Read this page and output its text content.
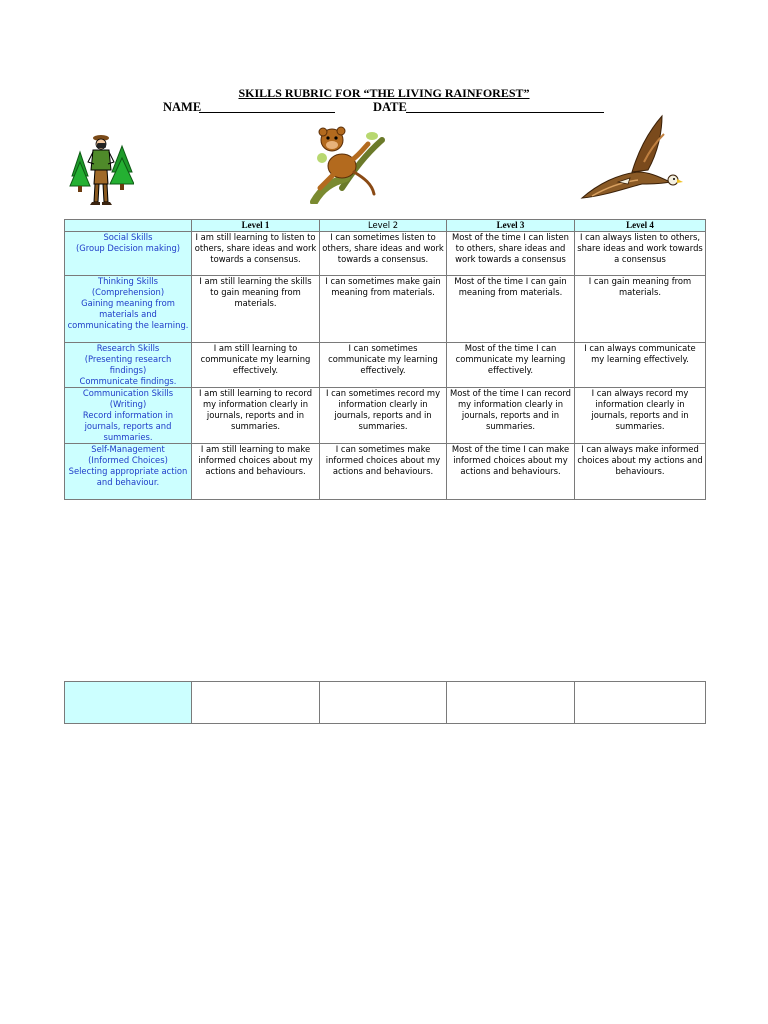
SKILLS RUBRIC FOR “THE LIVING RAINFOREST”
NAME	DATE
	Level 1	Level 2	Level 3	Level 4

Social Skills
(Group Decision making)	I am still learning to listen to others, share ideas and work towards a consensus.	I can sometimes listen to others, share ideas and work towards a consensus.	Most of the time I can listen to others, share ideas and work towards a consensus	I can always listen to others, share ideas and work towards a consensus

Thinking Skills
(Comprehension)
Gaining meaning from materials and communicating the learning.	I am still learning the skills to gain meaning from materials.	I can sometimes make gain meaning from materials.	Most of the time I can gain meaning from materials.	I can gain meaning from materials.

Research Skills
(Presenting research findings)
Communicate findings.	I am still learning to communicate my learning effectively.	I can sometimes communicate my learning effectively.	Most of the time I can communicate my learning effectively.	I can always communicate my learning effectively.

Communication Skills
(Writing)
Record information in journals, reports and summaries.	I am still learning to record my information clearly in journals, reports and in summaries.	I can sometimes record my information clearly in journals, reports and in summaries.	Most of the time I can record my information clearly in journals, reports and in summaries.	I can always record my information clearly in journals, reports and in summaries.

Self-Management
(Informed Choices)
Selecting appropriate action and behaviour.	I am still learning to make informed choices about my actions and behaviours.	I can sometimes make informed choices about my actions and behaviours.	Most of the time I can make informed choices about my actions and behaviours.	I can always make informed choices about my actions and behaviours.
